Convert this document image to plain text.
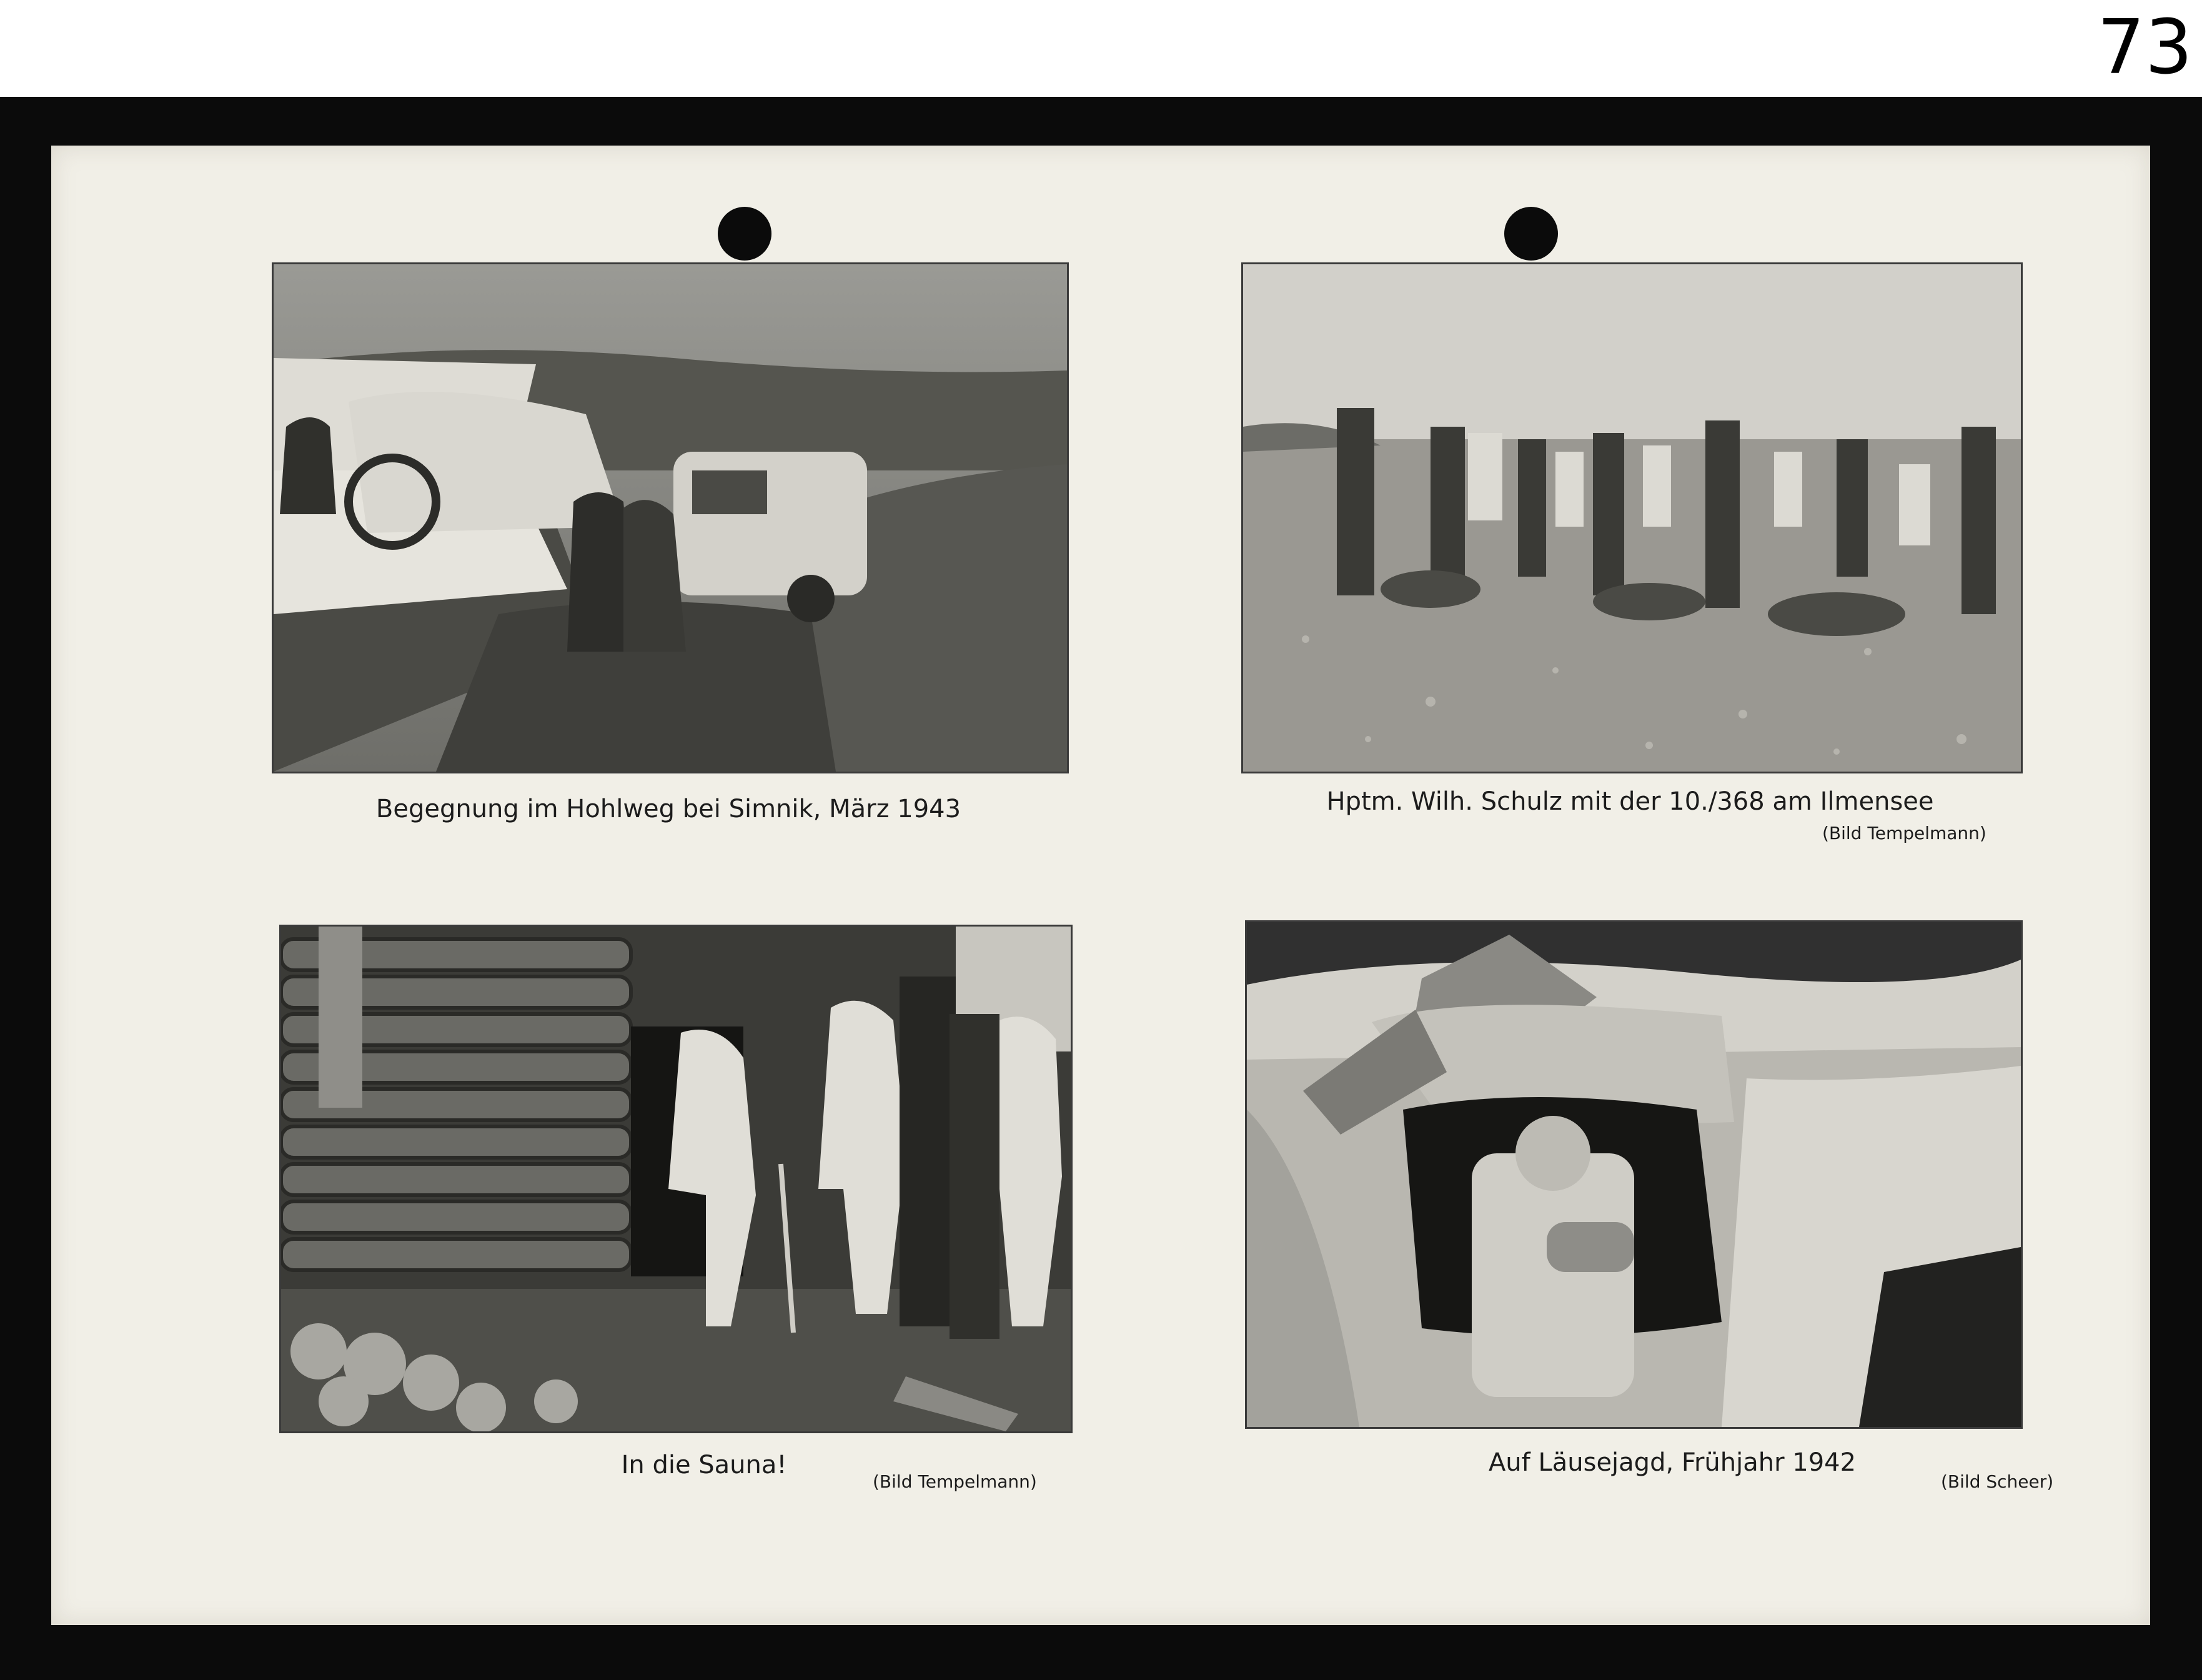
73
Begegnung im Hohlweg bei Simnik, März 1943	Hptm. Wilh. Schulz mit der 10./368 am Ilmensee
(Bild Tempelmann)
In die Sauna!
(Bild Tempelmann)
Auf Läusejagd, Frühjahr 1942
(Bild Scheer)
